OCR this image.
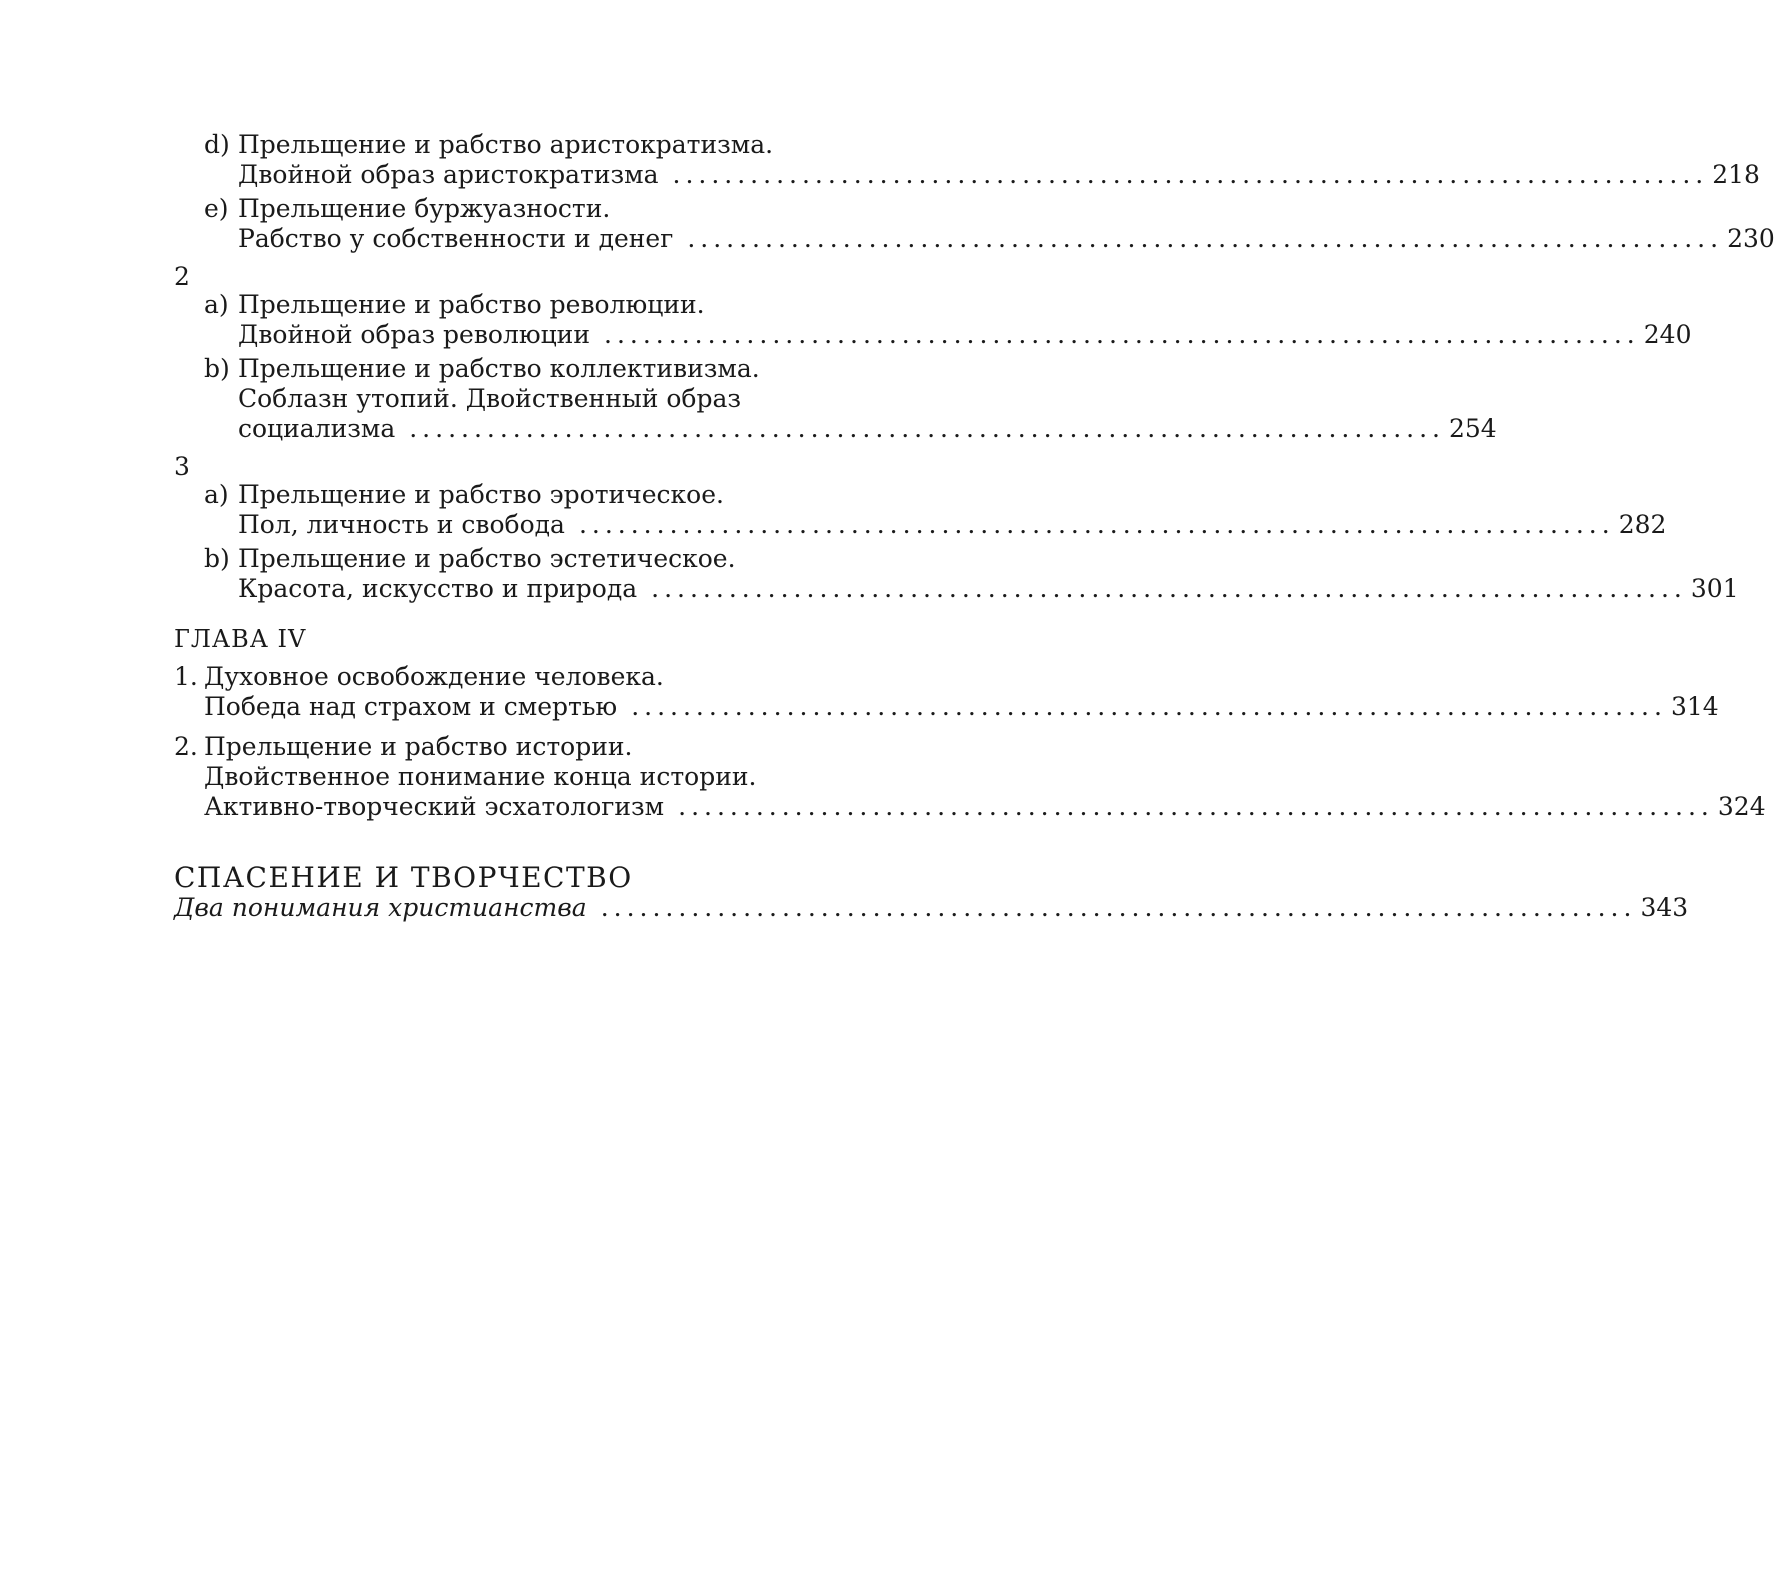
d) Прельщение и рабство аристократизма.
Двойной образ аристократизма ................................................................................ 218
e) Прельщение буржуазности.
Рабство у собственности и денег ................................................................................ 230
2
a) Прельщение и рабство революции.
Двойной образ революции ................................................................................ 240
b) Прельщение и рабство коллективизма.
Соблазн утопий. Двойственный образ
социализма ................................................................................ 254
3
a) Прельщение и рабство эротическое.
Пол, личность и свобода ................................................................................ 282
b) Прельщение и рабство эстетическое.
Красота, искусство и природа ................................................................................ 301
ГЛАВА IV
1. Духовное освобождение человека.
Победа над страхом и смертью ................................................................................ 314
2. Прельщение и рабство истории.
Двойственное понимание конца истории.
Активно-творческий эсхатологизм ................................................................................ 324
СПАСЕНИЕ И ТВОРЧЕСТВО
Два понимания христианства ................................................................................ 343
